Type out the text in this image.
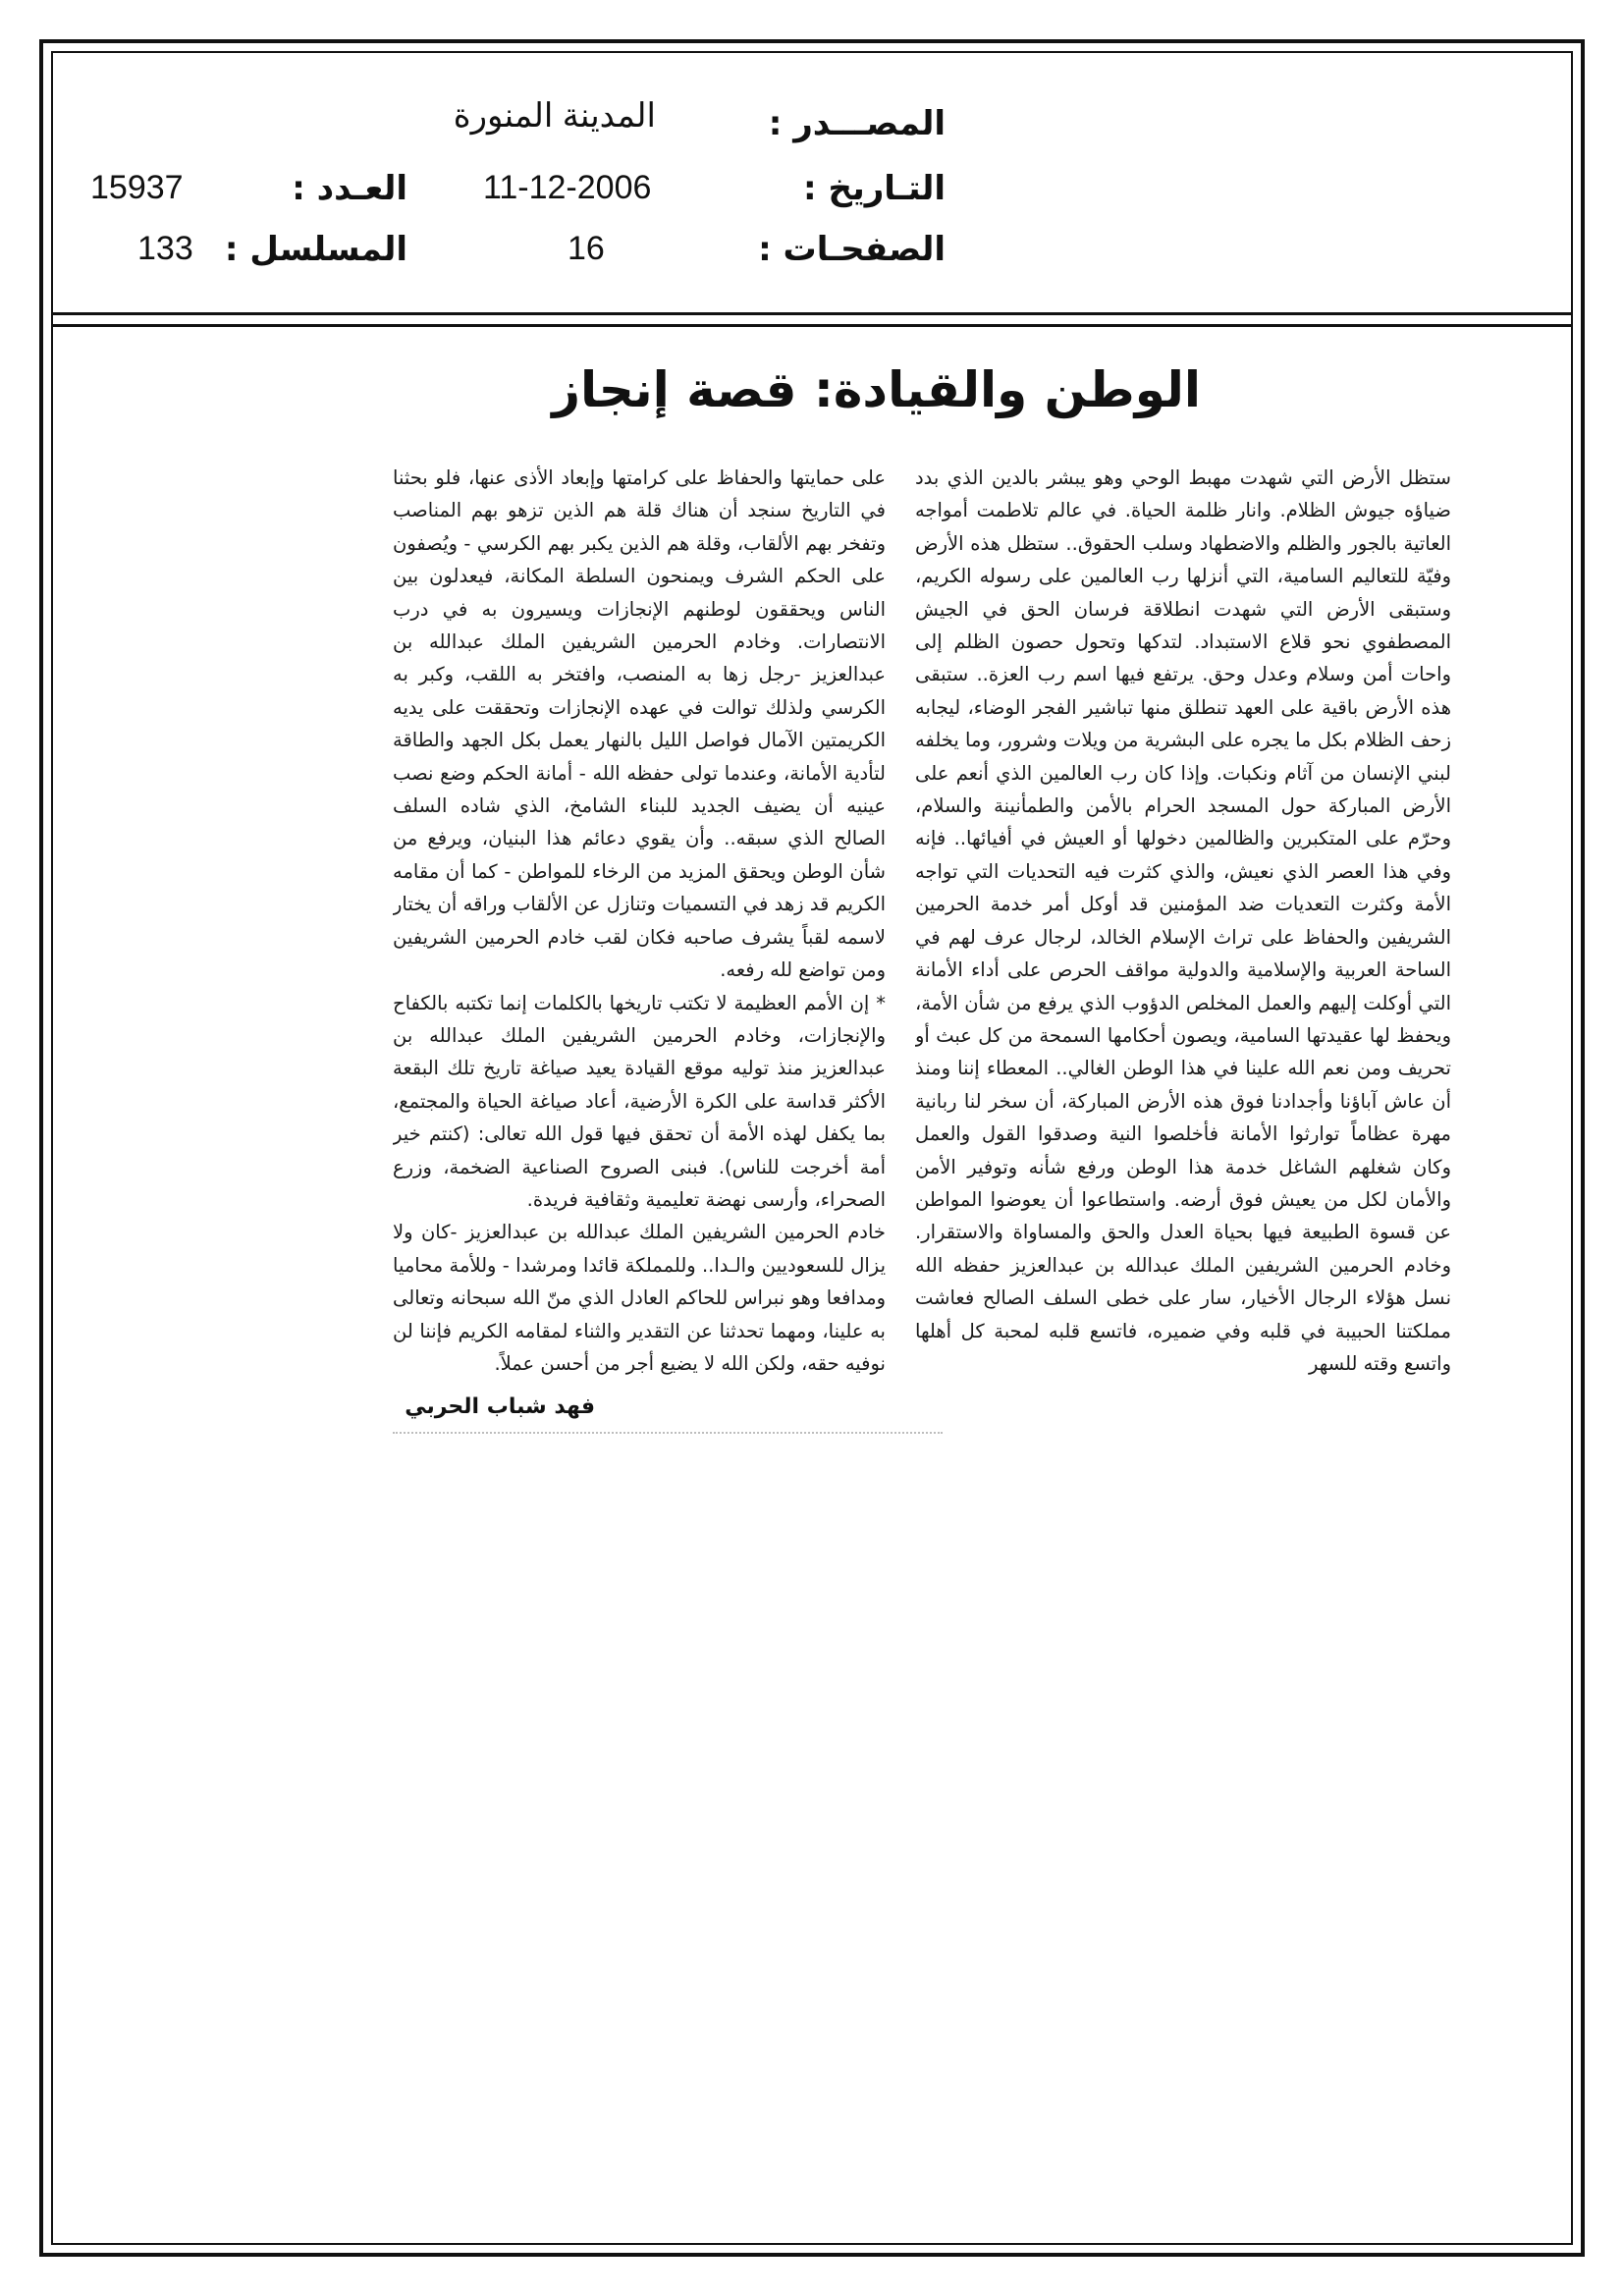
المصـــدر :
المدينة المنورة
التـاريخ :
11-12-2006
العـدد :
15937
الصفحـات :
16
المسلسل :
133
الوطن والقيادة: قصة إنجاز

ستظل الأرض التي شهدت مهبط الوحي وهو يبشر بالدين الذي بدد ضياؤه جيوش الظلام. وانار ظلمة الحياة. في عالم تلاطمت أمواجه العاتية بالجور والظلم والاضطهاد وسلب الحقوق.. ستظل هذه الأرض وفيّة للتعاليم السامية، التي أنزلها رب العالمين على رسوله الكريم، وستبقى الأرض التي شهدت انطلاقة فرسان الحق في الجيش المصطفوي نحو قلاع الاستبداد. لتدكها وتحول حصون الظلم إلى واحات أمن وسلام وعدل وحق. يرتفع فيها اسم رب العزة.. ستبقى هذه الأرض باقية على العهد تنطلق منها تباشير الفجر الوضاء، ليجابه زحف الظلام بكل ما يجره على البشرية من ويلات وشرور، وما يخلفه لبني الإنسان من آثام ونكبات. وإذا كان رب العالمين الذي أنعم على الأرض المباركة حول المسجد الحرام بالأمن والطمأنينة والسلام، وحرّم على المتكبرين والظالمين دخولها أو العيش في أفيائها.. فإنه وفي هذا العصر الذي نعيش، والذي كثرت فيه التحديات التي تواجه الأمة وكثرت التعديات ضد المؤمنين قد أوكل أمر خدمة الحرمين الشريفين والحفاظ على تراث الإسلام الخالد، لرجال عرف لهم في الساحة العربية والإسلامية والدولية مواقف الحرص على أداء الأمانة التي أوكلت إليهم والعمل المخلص الدؤوب الذي يرفع من شأن الأمة، ويحفظ لها عقيدتها السامية، ويصون أحكامها السمحة من كل عبث أو تحريف ومن نعم الله علينا في هذا الوطن الغالي.. المعطاء إننا ومنذ أن عاش آباؤنا وأجدادنا فوق هذه الأرض المباركة، أن سخر لنا ربانية مهرة عظاماً توارثوا الأمانة فأخلصوا النية وصدقوا القول والعمل وكان شغلهم الشاغل خدمة هذا الوطن ورفع شأنه وتوفير الأمن والأمان لكل من يعيش فوق أرضه. واستطاعوا أن يعوضوا المواطن عن قسوة الطبيعة فيها بحياة العدل والحق والمساواة والاستقرار. وخادم الحرمين الشريفين الملك عبدالله بن عبدالعزيز حفظه الله نسل هؤلاء الرجال الأخيار، سار على خطى السلف الصالح فعاشت مملكتنا الحبيبة في قلبه وفي ضميره، فاتسع قلبه لمحبة كل أهلها واتسع وقته للسهر

على حمايتها والحفاظ على كرامتها وإبعاد الأذى عنها، فلو بحثنا في التاريخ سنجد أن هناك قلة هم الذين تزهو بهم المناصب وتفخر بهم الألقاب، وقلة هم الذين يكبر بهم الكرسي - ويُصفون على الحكم الشرف ويمنحون السلطة المكانة، فيعدلون بين الناس ويحققون لوطنهم الإنجازات ويسيرون به في درب الانتصارات. وخادم الحرمين الشريفين الملك عبدالله بن عبدالعزيز -رجل زها به المنصب، وافتخر به اللقب، وكبر به الكرسي ولذلك توالت في عهده الإنجازات وتحققت على يديه الكريمتين الآمال فواصل الليل بالنهار يعمل بكل الجهد والطاقة لتأدية الأمانة، وعندما تولى حفظه الله - أمانة الحكم وضع نصب عينيه أن يضيف الجديد للبناء الشامخ، الذي شاده السلف الصالح الذي سبقه.. وأن يقوي دعائم هذا البنيان، ويرفع من شأن الوطن ويحقق المزيد من الرخاء للمواطن - كما أن مقامه الكريم قد زهد في التسميات وتنازل عن الألقاب وراقه أن يختار لاسمه لقباً يشرف صاحبه فكان لقب خادم الحرمين الشريفين ومن تواضع لله رفعه.

* إن الأمم العظيمة لا تكتب تاريخها بالكلمات إنما تكتبه بالكفاح والإنجازات، وخادم الحرمين الشريفين الملك عبدالله بن عبدالعزيز منذ توليه موقع القيادة يعيد صياغة تاريخ تلك البقعة الأكثر قداسة على الكرة الأرضية، أعاد صياغة الحياة والمجتمع، بما يكفل لهذه الأمة أن تحقق فيها قول الله تعالى: (كنتم خير أمة أخرجت للناس). فبنى الصروح الصناعية الضخمة، وزرع الصحراء، وأرسى نهضة تعليمية وثقافية فريدة.

خادم الحرمين الشريفين الملك عبدالله بن عبدالعزيز -كان ولا يزال للسعوديين والـدا.. وللمملكة قائدا ومرشدا - وللأمة محاميا ومدافعا وهو نبراس للحاكم العادل الذي منّ الله سبحانه وتعالى به علينا، ومهما تحدثنا عن التقدير والثناء لمقامه الكريم فإننا لن نوفيه حقه، ولكن الله لا يضيع أجر من أحسن عملاً.

فهد شباب الحربي
